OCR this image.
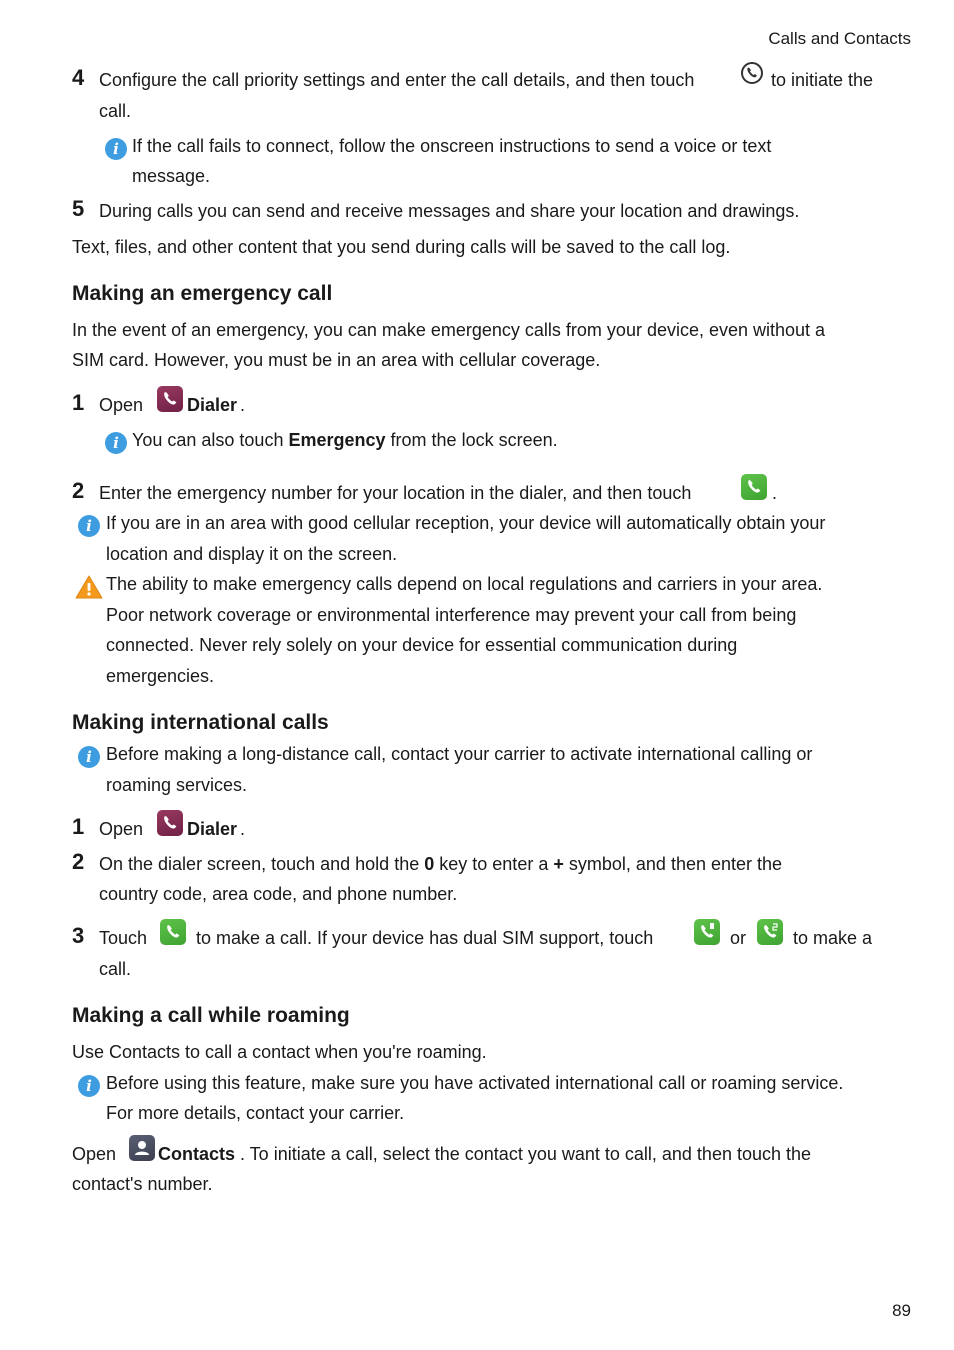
Calls and Contacts
89
4 Configure the call priority settings and enter the call details, and then touch	to initiate the
call.
i If the call fails to connect, follow the onscreen instructions to send a voice or text
message.
5 During calls you can send and receive messages and share your location and drawings.
Text, files, and other content that you send during calls will be saved to the call log.
Making an emergency call
In the event of an emergency, you can make emergency calls from your device, even without a
SIM card. However, you must be in an area with cellular coverage.
1 Open Dialer .
i You can also touch Emergency from the lock screen.
2 Enter the emergency number for your location in the dialer, and then touch	.
i If you are in an area with good cellular reception, your device will automatically obtain your
location and display it on the screen.
The ability to make emergency calls depend on local regulations and carriers in your area.
Poor network coverage or environmental interference may prevent your call from being
connected. Never rely solely on your device for essential communication during
emergencies.
Making international calls
i Before making a long-distance call, contact your carrier to activate international calling or
roaming services.
1 Open Dialer .
2 On the dialer screen, touch and hold the 0 key to enter a + symbol, and then enter the
country code, area code, and phone number.
3 Touch	to make a call. If your device has dual SIM support, touch	or	to make a
call.
Making a call while roaming
Use Contacts to call a contact when you're roaming.
i Before using this feature, make sure you have activated international call or roaming service.
For more details, contact your carrier.
Open Contacts . To initiate a call, select the contact you want to call, and then touch the
contact's number.
